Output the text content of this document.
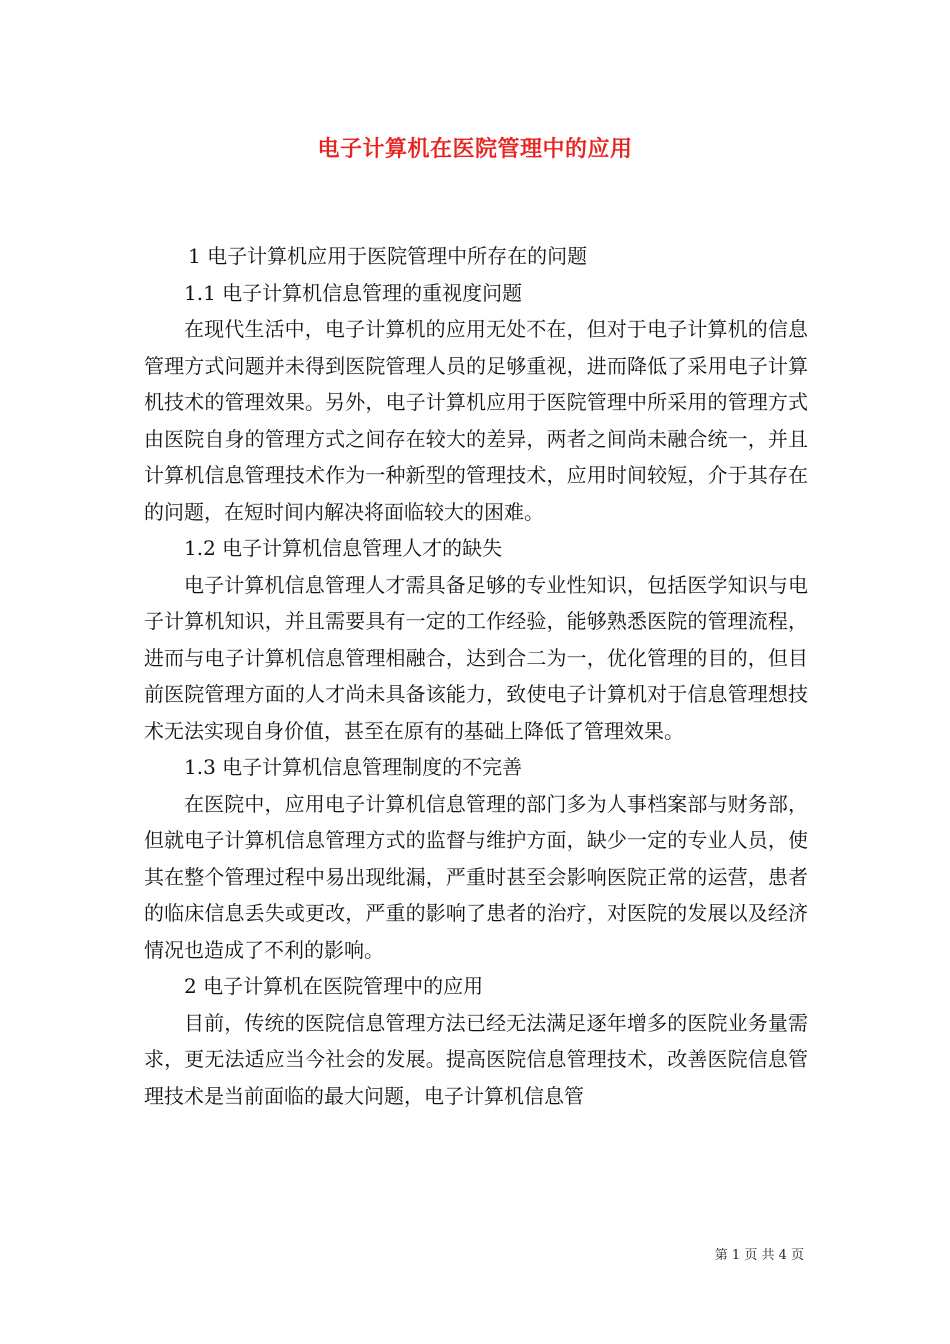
电子计算机在医院管理中的应用

1 电子计算机应用于医院管理中所存在的问题

1.1 电子计算机信息管理的重视度问题

在现代生活中，电子计算机的应用无处不在，但对于电子计算机的信息管理方式问题并未得到医院管理人员的足够重视，进而降低了采用电子计算机技术的管理效果。另外，电子计算机应用于医院管理中所采用的管理方式由医院自身的管理方式之间存在较大的差异，两者之间尚未融合统一，并且计算机信息管理技术作为一种新型的管理技术，应用时间较短，介于其存在的问题，在短时间内解决将面临较大的困难。

1.2 电子计算机信息管理人才的缺失

电子计算机信息管理人才需具备足够的专业性知识，包括医学知识与电子计算机知识，并且需要具有一定的工作经验，能够熟悉医院的管理流程，进而与电子计算机信息管理相融合，达到合二为一，优化管理的目的，但目前医院管理方面的人才尚未具备该能力，致使电子计算机对于信息管理想技术无法实现自身价值，甚至在原有的基础上降低了管理效果。

1.3 电子计算机信息管理制度的不完善

在医院中，应用电子计算机信息管理的部门多为人事档案部与财务部，但就电子计算机信息管理方式的监督与维护方面，缺少一定的专业人员，使其在整个管理过程中易出现纰漏，严重时甚至会影响医院正常的运营，患者的临床信息丢失或更改，严重的影响了患者的治疗，对医院的发展以及经济情况也造成了不利的影响。

2 电子计算机在医院管理中的应用

目前，传统的医院信息管理方法已经无法满足逐年增多的医院业务量需求，更无法适应当今社会的发展。提高医院信息管理技术，改善医院信息管理技术是当前面临的最大问题，电子计算机信息管

第 1 页 共 4 页
